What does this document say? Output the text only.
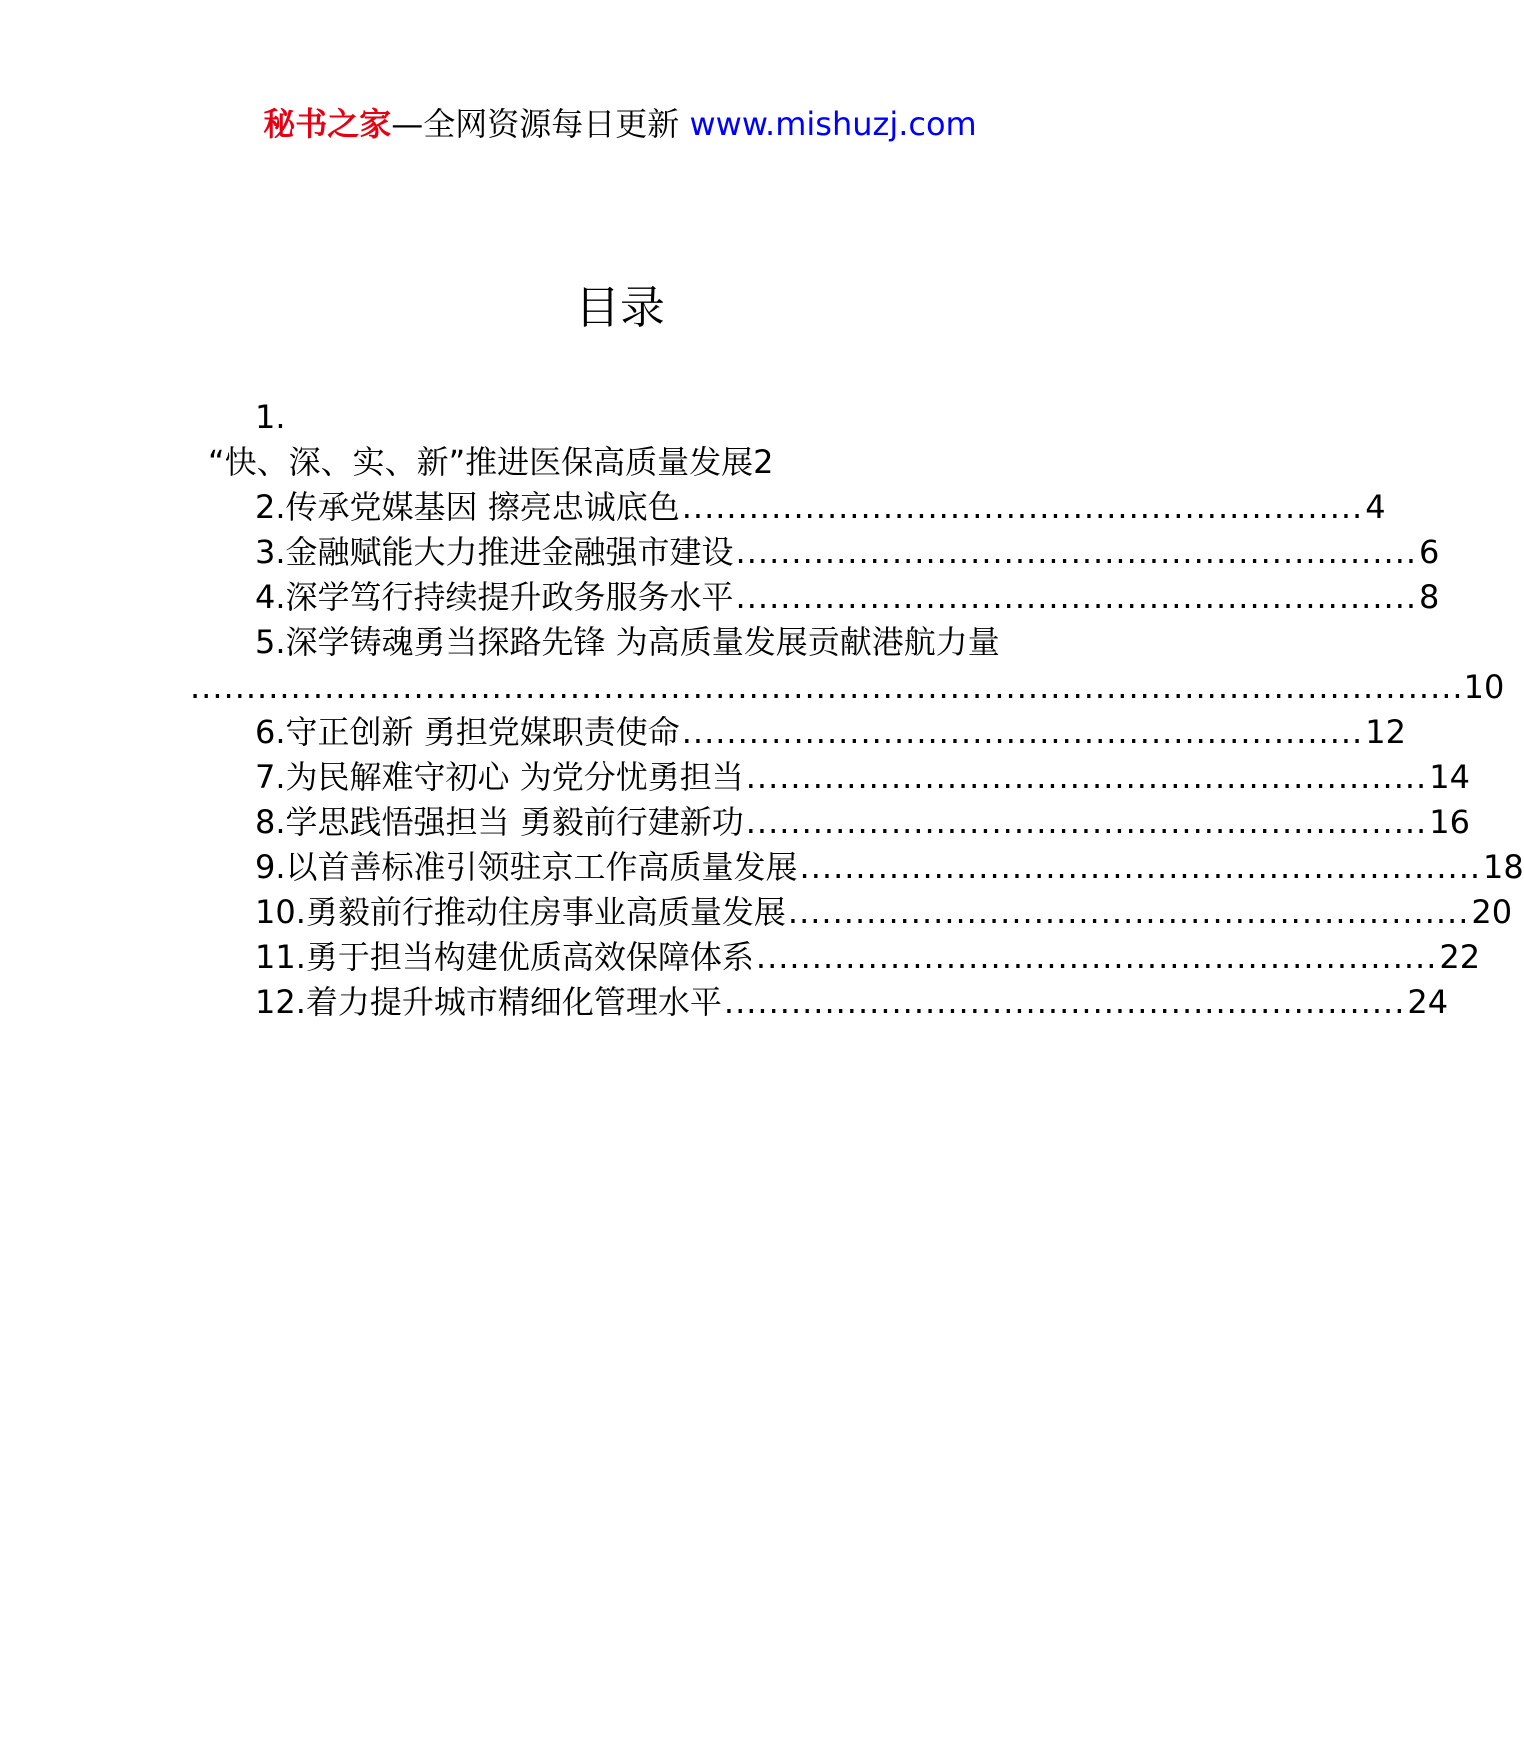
秘书之家—全网资源每日更新 www.mishuzj.com
目录
1.
“快、深、实、新”推进医保高质量发展2
2.传承党媒基因 擦亮忠诚底色 ............................................................. 4
3.金融赋能大力推进金融强市建设 ............................................................. 6
4.深学笃行持续提升政务服务水平 ............................................................. 8
5.深学铸魂勇当探路先锋 为高质量发展贡献港航力量
.................................................................................................................. 10
6.守正创新 勇担党媒职责使命 ............................................................. 12
7.为民解难守初心 为党分忧勇担当 ............................................................. 14
8.学思践悟强担当 勇毅前行建新功 ............................................................. 16
9.以首善标准引领驻京工作高质量发展 ............................................................. 18
10.勇毅前行推动住房事业高质量发展 ............................................................. 20
11.勇于担当构建优质高效保障体系 ............................................................. 22
12.着力提升城市精细化管理水平 ............................................................. 24
